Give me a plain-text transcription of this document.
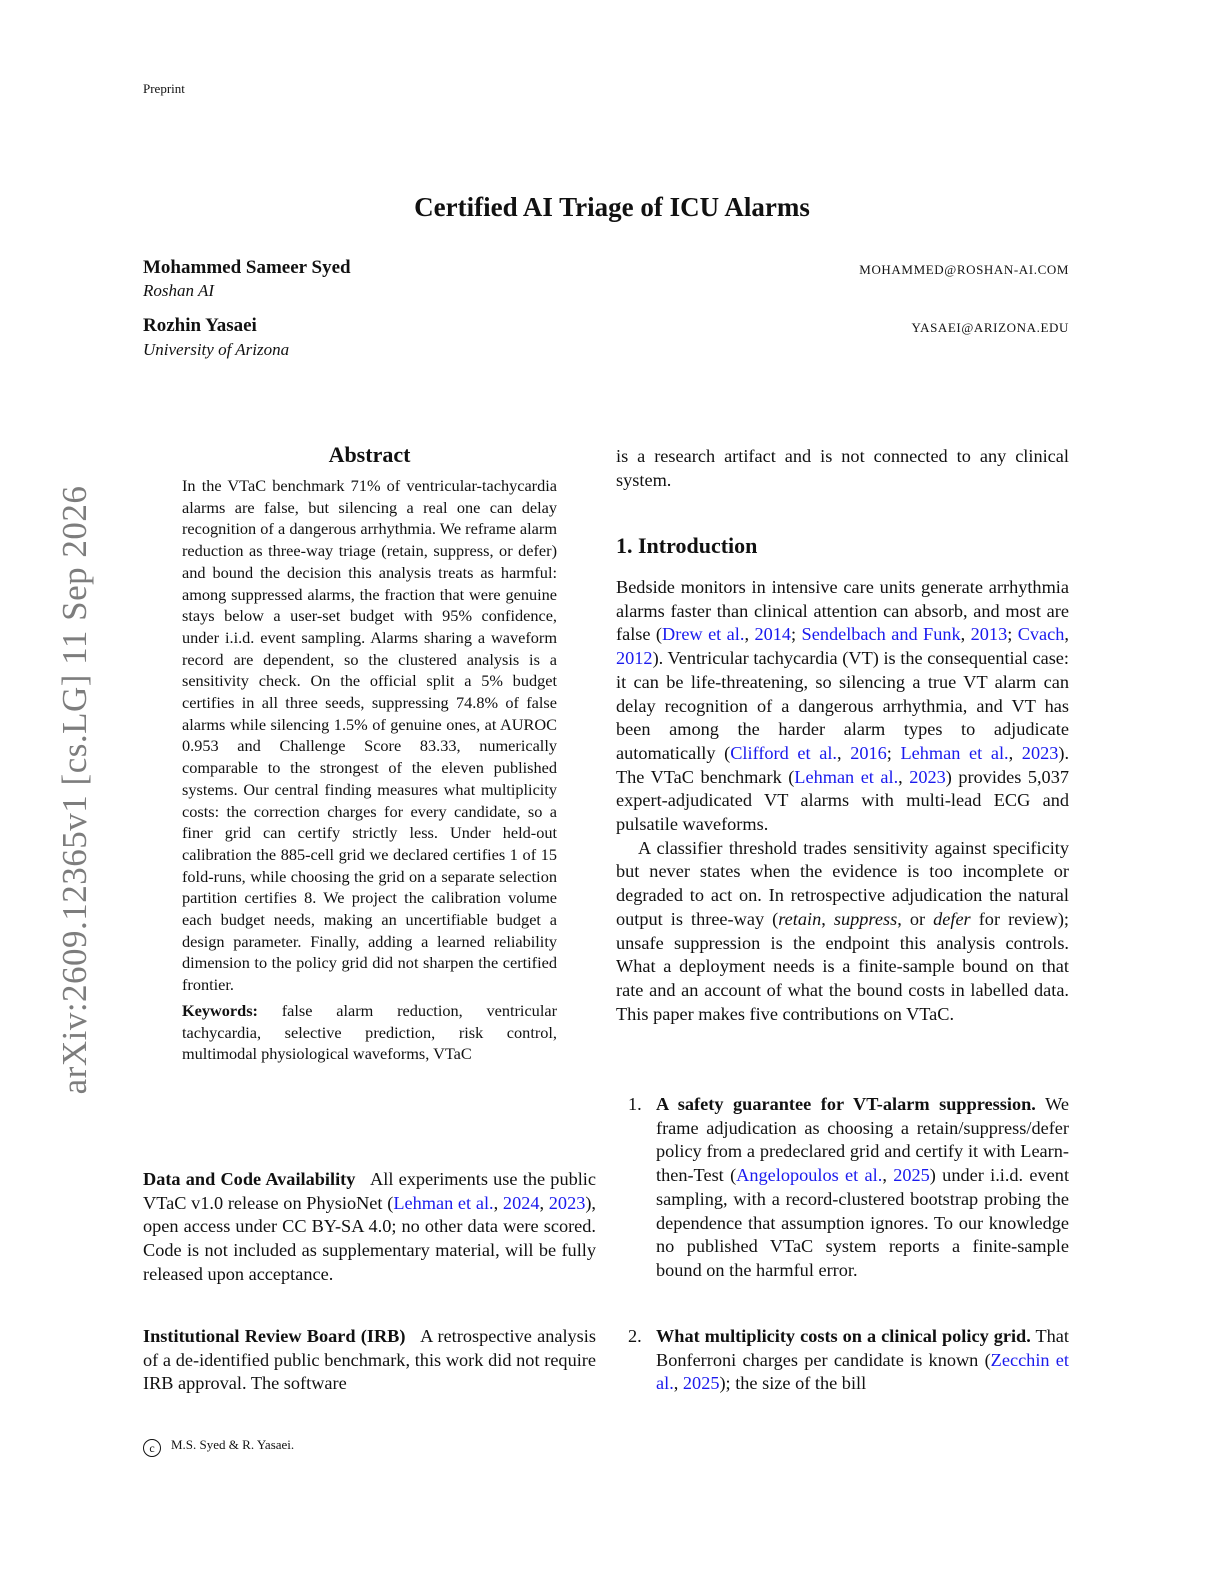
Preprint
arXiv:2609.12365v1 [cs.LG] 11 Sep 2026
Certified AI Triage of ICU Alarms
Mohammed Sameer Syed
Roshan AI
MOHAMMED@ROSHAN-AI.COM
Rozhin Yasaei
University of Arizona
YASAEI@ARIZONA.EDU
Abstract

In the VTaC benchmark 71% of ventricular-tachycardia alarms are false, but silencing a real one can delay recognition of a dangerous arrhythmia. We reframe alarm reduction as three-way triage (retain, suppress, or defer) and bound the decision this analysis treats as harmful: among suppressed alarms, the fraction that were genuine stays below a user-set budget with 95% confidence, under i.i.d. event sampling. Alarms sharing a waveform record are dependent, so the clustered analysis is a sensitivity check. On the official split a 5% budget certifies in all three seeds, suppressing 74.8% of false alarms while silencing 1.5% of genuine ones, at AUROC 0.953 and Challenge Score 83.33, numerically comparable to the strongest of the eleven published systems. Our central finding measures what multiplicity costs: the correction charges for every candidate, so a finer grid can certify strictly less. Under held-out calibration the 885-cell grid we declared certifies 1 of 15 fold-runs, while choosing the grid on a separate selection partition certifies 8. We project the calibration volume each budget needs, making an uncertifiable budget a design parameter. Finally, adding a learned reliability dimension to the policy grid did not sharpen the certified frontier.

Keywords: false alarm reduction, ventricular tachycardia, selective prediction, risk control, multimodal physiological waveforms, VTaC

Data and Code Availability All experiments use the public VTaC v1.0 release on PhysioNet (Lehman et al., 2024, 2023), open access under CC BY-SA 4.0; no other data were scored. Code is not included as supplementary material, will be fully released upon acceptance.

Institutional Review Board (IRB) A retrospective analysis of a de-identified public benchmark, this work did not require IRB approval. The software

is a research artifact and is not connected to any clinical system.

1. Introduction

Bedside monitors in intensive care units generate arrhythmia alarms faster than clinical attention can absorb, and most are false (Drew et al., 2014; Sendelbach and Funk, 2013; Cvach, 2012). Ventricular tachycardia (VT) is the consequential case: it can be life-threatening, so silencing a true VT alarm can delay recognition of a dangerous arrhythmia, and VT has been among the harder alarm types to adjudicate automatically (Clifford et al., 2016; Lehman et al., 2023). The VTaC benchmark (Lehman et al., 2023) provides 5,037 expert-adjudicated VT alarms with multi-lead ECG and pulsatile waveforms.

A classifier threshold trades sensitivity against specificity but never states when the evidence is too incomplete or degraded to act on. In retrospective adjudication the natural output is three-way (retain, suppress, or defer for review); unsafe suppression is the endpoint this analysis controls. What a deployment needs is a finite-sample bound on that rate and an account of what the bound costs in labelled data. This paper makes five contributions on VTaC.

1. A safety guarantee for VT-alarm suppression. We frame adjudication as choosing a retain/suppress/defer policy from a predeclared grid and certify it with Learn-then-Test (Angelopoulos et al., 2025) under i.i.d. event sampling, with a record-clustered bootstrap probing the dependence that assumption ignores. To our knowledge no published VTaC system reports a finite-sample bound on the harmful error.

2. What multiplicity costs on a clinical policy grid. That Bonferroni charges per candidate is known (Zecchin et al., 2025); the size of the bill

c M.S. Syed & R. Yasaei.
